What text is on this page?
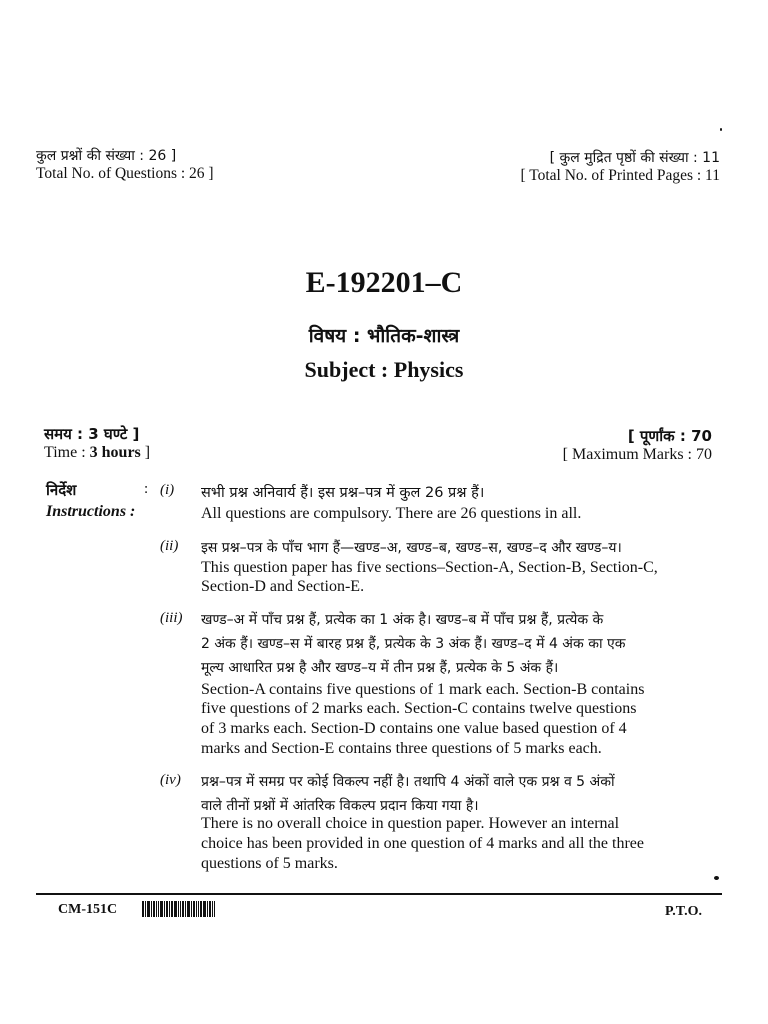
कुल प्रश्नों की संख्या : 26 ]
Total No. of Questions : 26 ]
[ कुल मुद्रित पृष्ठों की संख्या : 11
[ Total No. of Printed Pages : 11
E-192201–C
विषय : भौतिक-शास्त्र
Subject : Physics
समय : 3 घण्टे ]
Time : 3 hours ]
[ पूर्णांक : 70
[ Maximum Marks : 70
निर्देश	:
Instructions :
(i) सभी प्रश्न अनिवार्य हैं। इस प्रश्न–पत्र में कुल 26 प्रश्न हैं।
All questions are compulsory. There are 26 questions in all.
(ii) इस प्रश्न–पत्र के पाँच भाग हैं—खण्ड–अ, खण्ड–ब, खण्ड–स, खण्ड–द और खण्ड–य।
This question paper has five sections–Section-A, Section-B, Section-C,
Section-D and Section-E.
(iii) खण्ड–अ में पाँच प्रश्न हैं, प्रत्येक का 1 अंक है। खण्ड–ब में पाँच प्रश्न हैं, प्रत्येक के
2 अंक हैं। खण्ड–स में बारह प्रश्न हैं, प्रत्येक के 3 अंक हैं। खण्ड–द में 4 अंक का एक
मूल्य आधारित प्रश्न है और खण्ड–य में तीन प्रश्न हैं, प्रत्येक के 5 अंक हैं।
Section-A contains five questions of 1 mark each. Section-B contains
five questions of 2 marks each. Section-C contains twelve questions
of 3 marks each. Section-D contains one value based question of 4
marks and Section-E contains three questions of 5 marks each.
(iv) प्रश्न–पत्र में समग्र पर कोई विकल्प नहीं है। तथापि 4 अंकों वाले एक प्रश्न व 5 अंकों
वाले तीनों प्रश्नों में आंतरिक विकल्प प्रदान किया गया है।
There is no overall choice in question paper. However an internal
choice has been provided in one question of 4 marks and all the three
questions of 5 marks.
CM-151C	P.T.O.
